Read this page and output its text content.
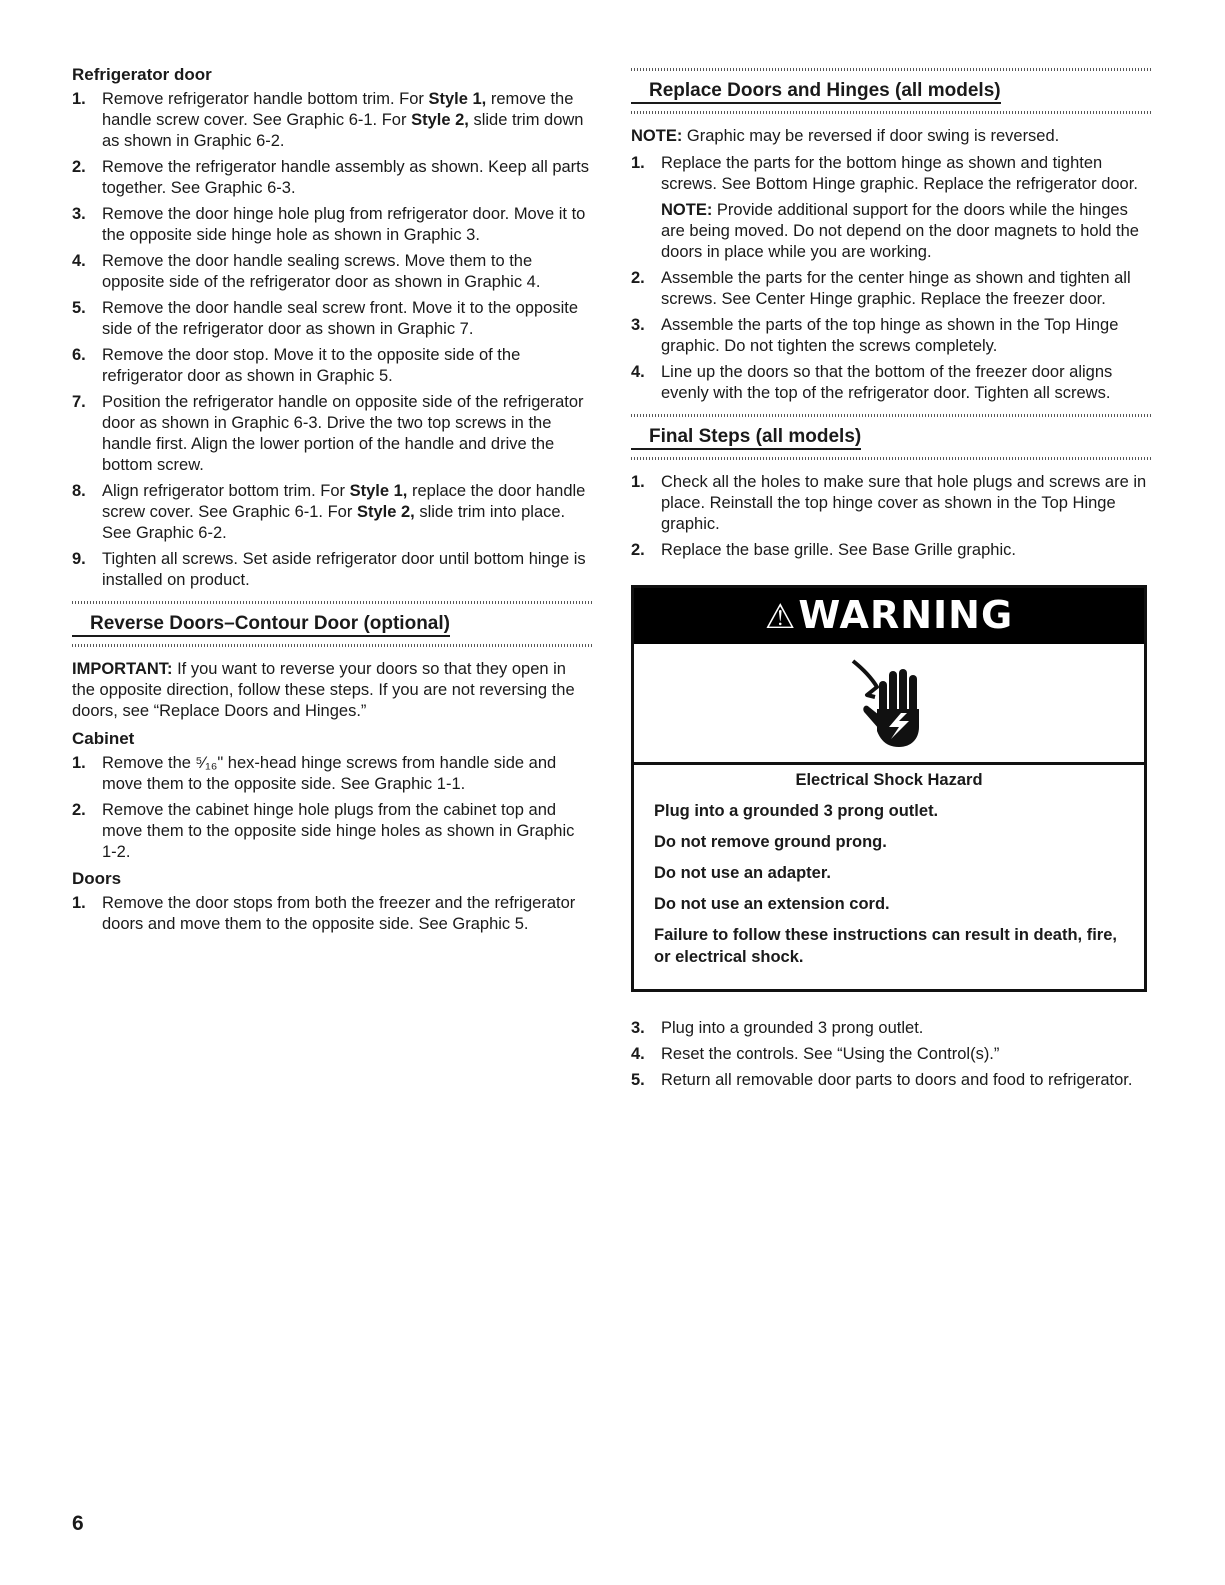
Refrigerator door
1. Remove refrigerator handle bottom trim. For Style 1, remove the handle screw cover. See Graphic 6-1. For Style 2, slide trim down as shown in Graphic 6-2.
2. Remove the refrigerator handle assembly as shown. Keep all parts together. See Graphic 6-3.
3. Remove the door hinge hole plug from refrigerator door. Move it to the opposite side hinge hole as shown in Graphic 3.
4. Remove the door handle sealing screws. Move them to the opposite side of the refrigerator door as shown in Graphic 4.
5. Remove the door handle seal screw front. Move it to the opposite side of the refrigerator door as shown in Graphic 7.
6. Remove the door stop. Move it to the opposite side of the refrigerator door as shown in Graphic 5.
7. Position the refrigerator handle on opposite side of the refrigerator door as shown in Graphic 6-3. Drive the two top screws in the handle first. Align the lower portion of the handle and drive the bottom screw.
8. Align refrigerator bottom trim. For Style 1, replace the door handle screw cover. See Graphic 6-1. For Style 2, slide trim into place. See Graphic 6-2.
9. Tighten all screws. Set aside refrigerator door until bottom hinge is installed on product.
Reverse Doors–Contour Door (optional)

IMPORTANT: If you want to reverse your doors so that they open in the opposite direction, follow these steps. If you are not reversing the doors, see “Replace Doors and Hinges.”

Cabinet
1. Remove the ⁵⁄₁₆" hex-head hinge screws from handle side and move them to the opposite side. See Graphic 1-1.
2. Remove the cabinet hinge hole plugs from the cabinet top and move them to the opposite side hinge holes as shown in Graphic 1-2.
Doors
1. Remove the door stops from both the freezer and the refrigerator doors and move them to the opposite side. See Graphic 5.
Replace Doors and Hinges (all models)

NOTE: Graphic may be reversed if door swing is reversed.

1. Replace the parts for the bottom hinge as shown and tighten screws. See Bottom Hinge graphic. Replace the refrigerator door.
NOTE: Provide additional support for the doors while the hinges are being moved. Do not depend on the door magnets to hold the doors in place while you are working.
2. Assemble the parts for the center hinge as shown and tighten all screws. See Center Hinge graphic. Replace the freezer door.
3. Assemble the parts of the top hinge as shown in the Top Hinge graphic. Do not tighten the screws completely.
4. Line up the doors so that the bottom of the freezer door aligns evenly with the top of the refrigerator door. Tighten all screws.
Final Steps (all models)
1. Check all the holes to make sure that hole plugs and screws are in place. Reinstall the top hinge cover as shown in the Top Hinge graphic.
2. Replace the base grille. See Base Grille graphic.
⚠WARNING
Electrical Shock Hazard
Plug into a grounded 3 prong outlet.
Do not remove ground prong.
Do not use an adapter.
Do not use an extension cord.
Failure to follow these instructions can result in death, fire, or electrical shock.
3. Plug into a grounded 3 prong outlet.
4. Reset the controls. See “Using the Control(s).”
5. Return all removable door parts to doors and food to refrigerator.
6
